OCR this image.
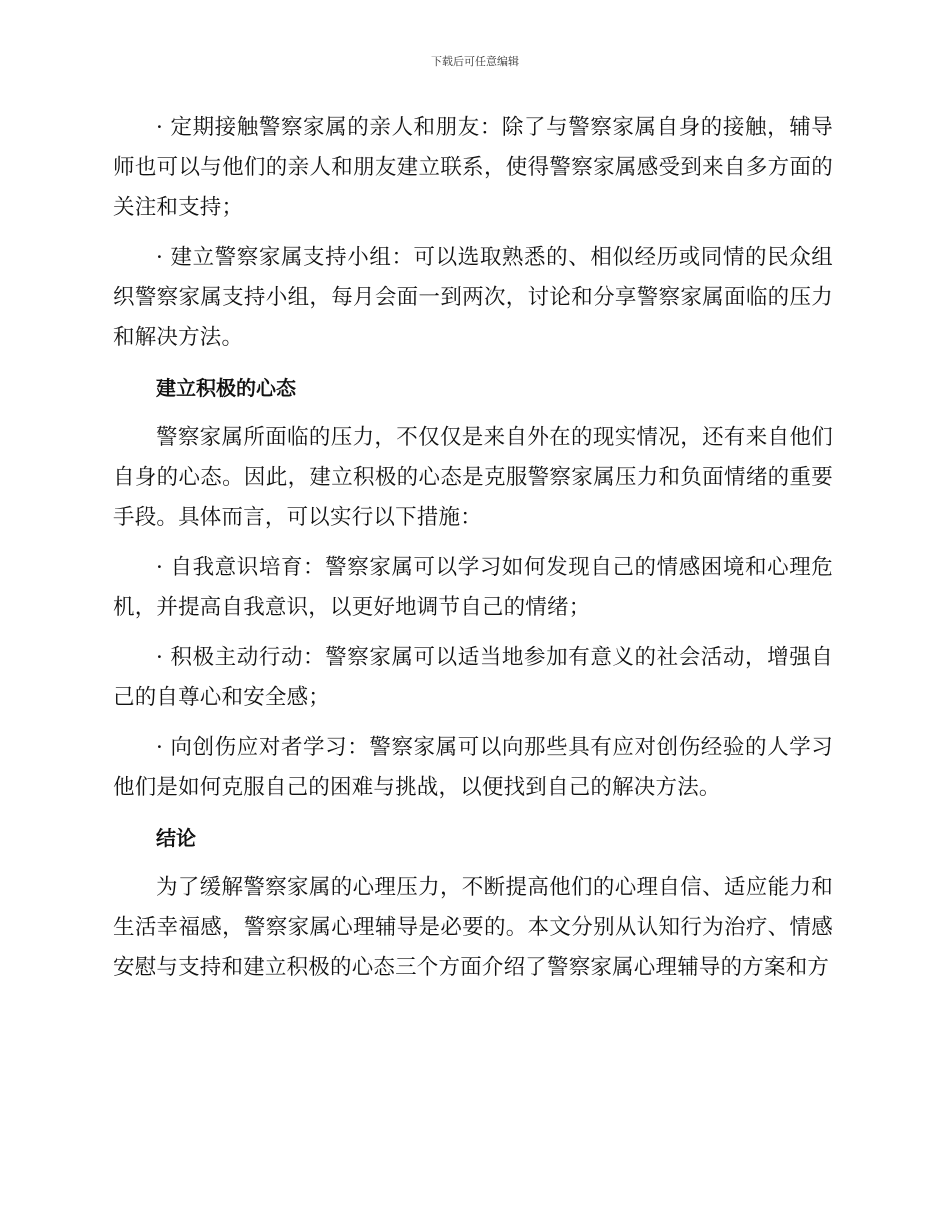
下载后可任意编辑

· 定期接触警察家属的亲人和朋友：除了与警察家属自身的接触，辅导师也可以与他们的亲人和朋友建立联系，使得警察家属感受到来自多方面的关注和支持；

· 建立警察家属支持小组：可以选取熟悉的、相似经历或同情的民众组织警察家属支持小组，每月会面一到两次，讨论和分享警察家属面临的压力和解决方法。

建立积极的心态

警察家属所面临的压力，不仅仅是来自外在的现实情况，还有来自他们自身的心态。因此，建立积极的心态是克服警察家属压力和负面情绪的重要手段。具体而言，可以实行以下措施：

· 自我意识培育：警察家属可以学习如何发现自己的情感困境和心理危机，并提高自我意识，以更好地调节自己的情绪；

· 积极主动行动：警察家属可以适当地参加有意义的社会活动，增强自己的自尊心和安全感；

· 向创伤应对者学习：警察家属可以向那些具有应对创伤经验的人学习他们是如何克服自己的困难与挑战，以便找到自己的解决方法。

结论

为了缓解警察家属的心理压力，不断提高他们的心理自信、适应能力和生活幸福感，警察家属心理辅导是必要的。本文分别从认知行为治疗、情感安慰与支持和建立积极的心态三个方面介绍了警察家属心理辅导的方案和方
